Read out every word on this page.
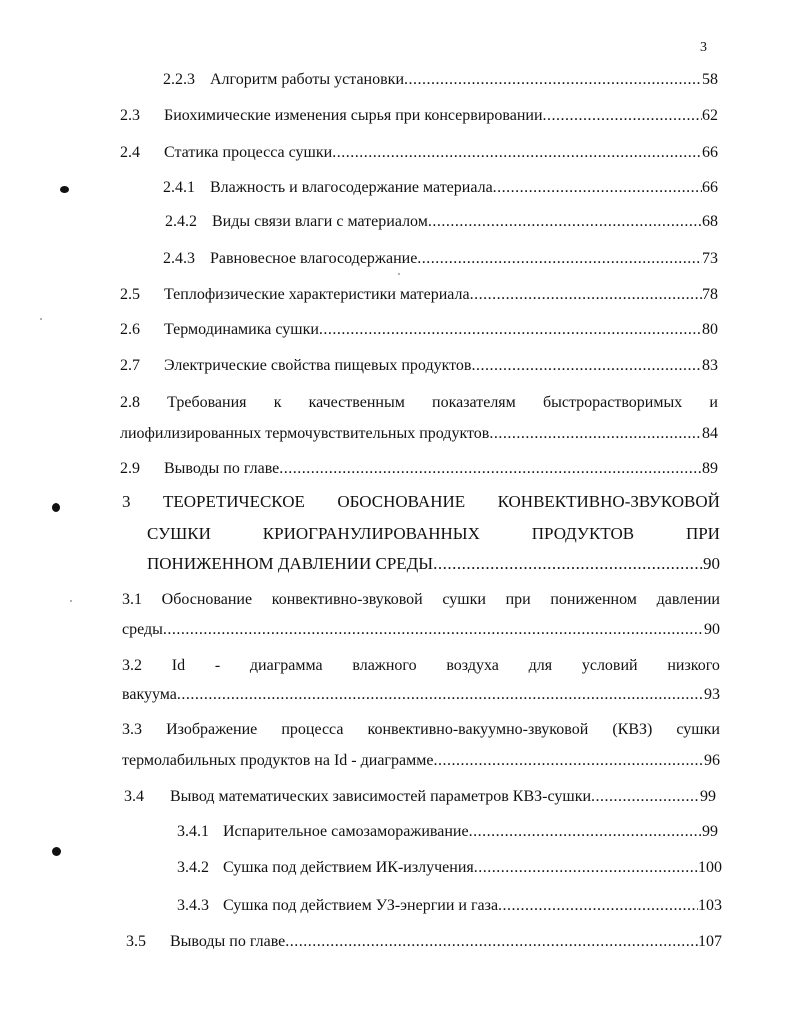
3
2.2.3 Алгоритм работы установки .....	58
2.3	Биохимические изменения сырья при консервировании .....	62
2.4	Статика процесса сушки .....	66
2.4.1 Влажность и влагосодержание материала .....	66
2.4.2 Виды связи влаги с материалом .....	68
2.4.3 Равновесное влагосодержание .....	73
2.5	Теплофизические характеристики материала .....	78
2.6	Термодинамика сушки .....	80
2.7	Электрические свойства пищевых продуктов .....	83
2.8 Требования к качественным показателям быстрорастворимых и
лиофилизированных термочувствительных продуктов .....	84
2.9	Выводы по главе .....	89
3 ТЕОРЕТИЧЕСКОЕ ОБОСНОВАНИЕ КОНВЕКТИВНО-ЗВУКОВОЙ
СУШКИ	КРИОГРАНУЛИРОВАННЫХ	ПРОДУКТОВ	ПРИ
ПОНИЖЕННОМ ДАВЛЕНИИ СРЕДЫ .....	90
3.1 Обоснование конвективно-звуковой сушки при пониженном давлении
среды .....	90
3.2 Id - диаграмма влажного воздуха для условий низкого
вакуума .....	93
3.3 Изображение процесса конвективно-вакуумно-звуковой (КВЗ) сушки
термолабильных продуктов на Id - диаграмме .....	96
3.4	Вывод математических зависимостей параметров КВЗ-сушки .....	99
3.4.1 Испарительное самозамораживание .....	99
3.4.2 Сушка под действием ИК-излучения .....	100
3.4.3 Сушка под действием УЗ-энергии и газа .....	103
3.5	Выводы по главе .....	107
